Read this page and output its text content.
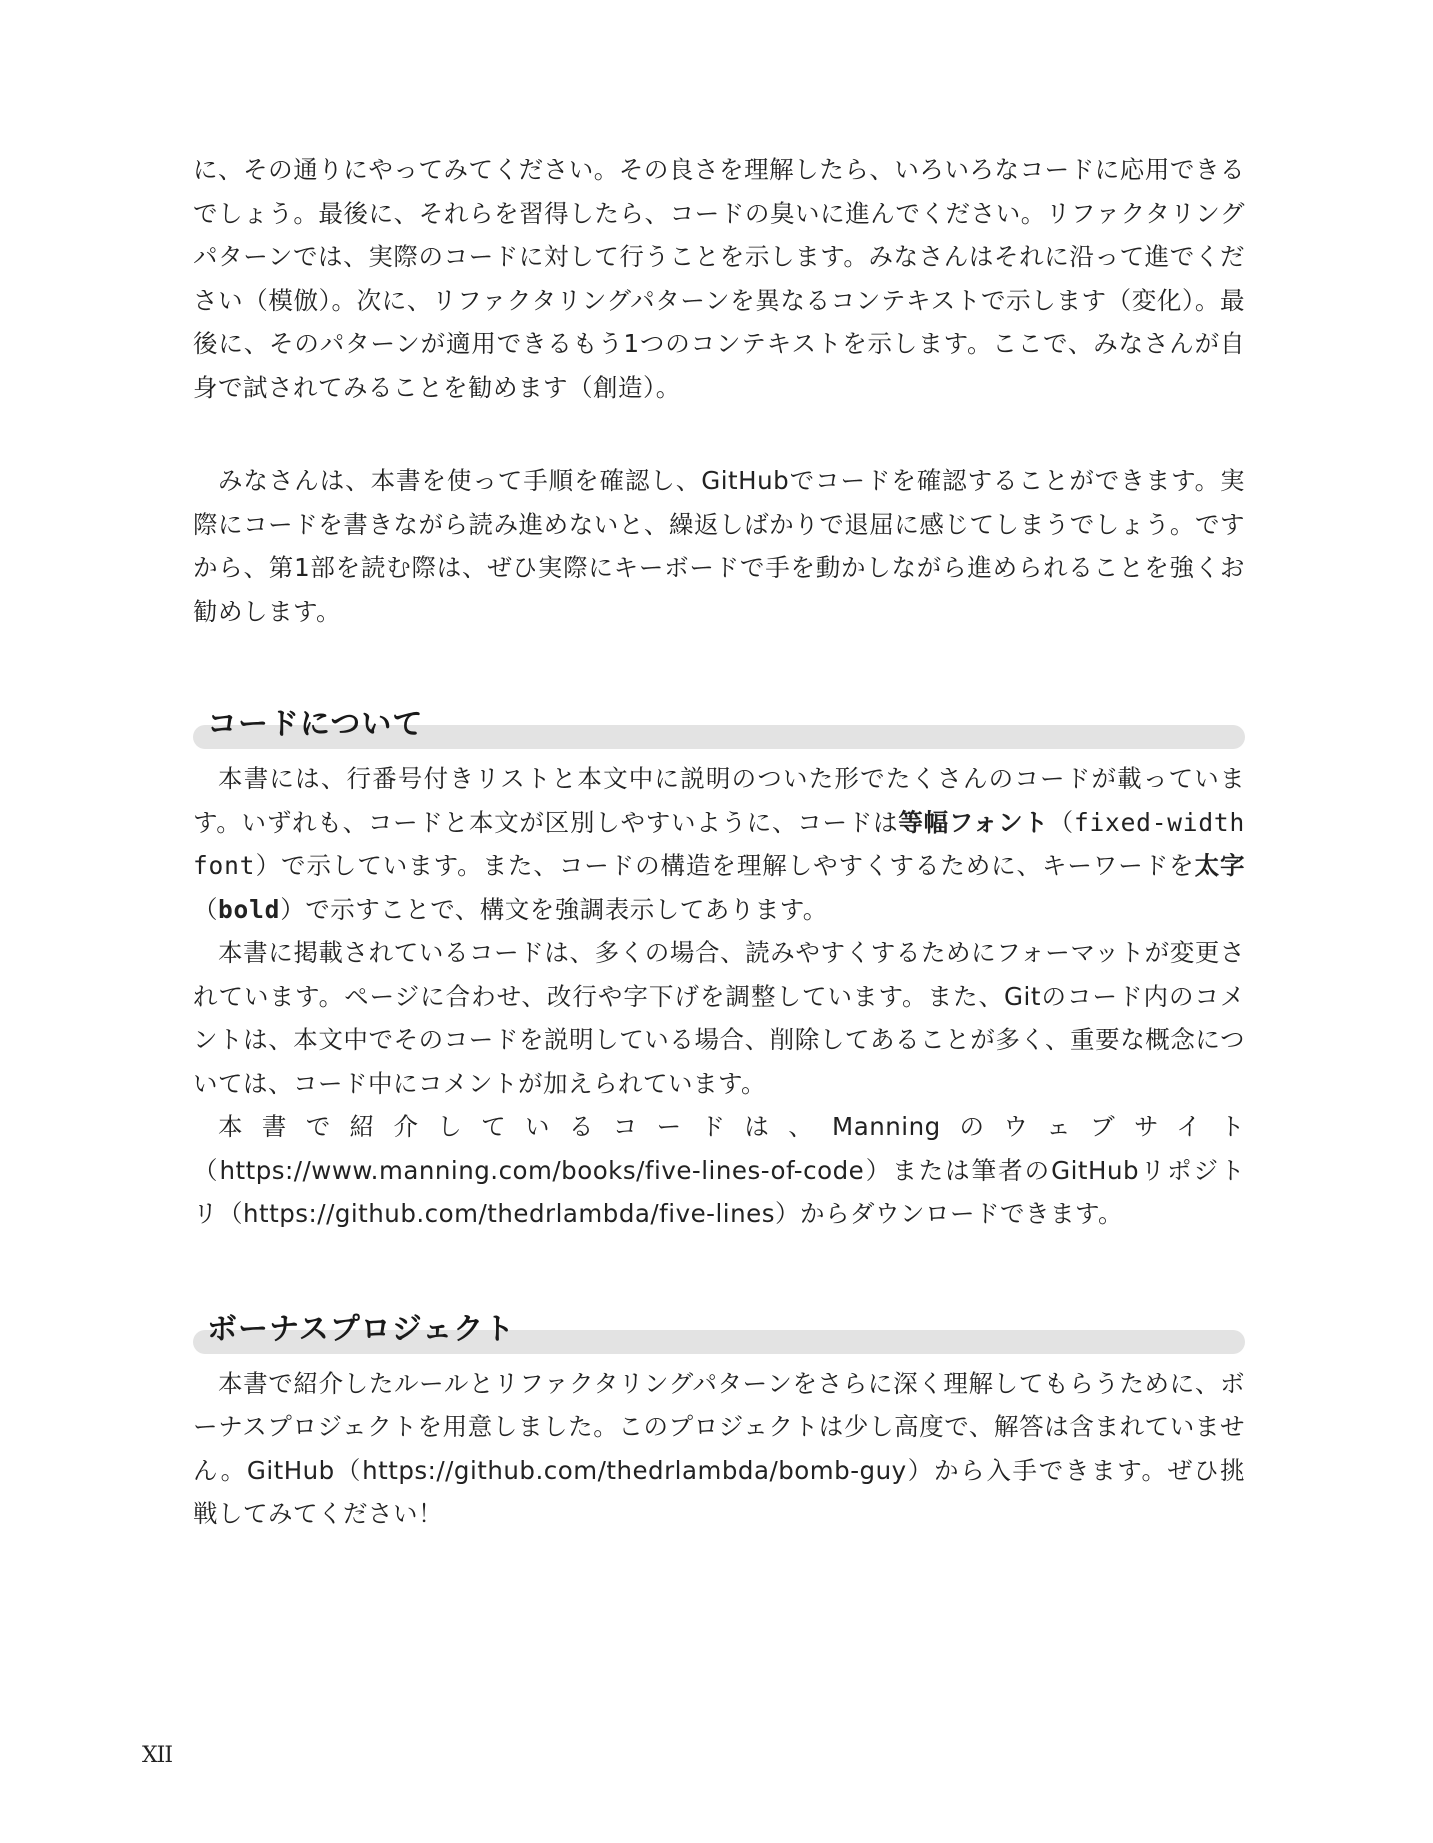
に、その通りにやってみてください。その良さを理解したら、いろいろなコードに応用できるでしょう。最後に、それらを習得したら、コードの臭いに進んでください。リファクタリングパターンでは、実際のコードに対して行うことを示します。みなさんはそれに沿って進でください（模倣）。次に、リファクタリングパターンを異なるコンテキストで示します（変化）。最後に、そのパターンが適用できるもう1つのコンテキストを示します。ここで、みなさんが自身で試されてみることを勧めます（創造）。

みなさんは、本書を使って手順を確認し、GitHubでコードを確認することができます。実際にコードを書きながら読み進めないと、繰返しばかりで退屈に感じてしまうでしょう。ですから、第1部を読む際は、ぜひ実際にキーボードで手を動かしながら進められることを強くお勧めします。

コードについて

本書には、行番号付きリストと本文中に説明のついた形でたくさんのコードが載っています。いずれも、コードと本文が区別しやすいように、コードは等幅フォント（fixed-width font）で示しています。また、コードの構造を理解しやすくするために、キーワードを太字（bold）で示すことで、構文を強調表示してあります。

本書に掲載されているコードは、多くの場合、読みやすくするためにフォーマットが変更されています。ページに合わせ、改行や字下げを調整しています。また、Gitのコード内のコメントは、本文中でそのコードを説明している場合、削除してあることが多く、重要な概念については、コード中にコメントが加えられています。

本書で紹介しているコードは、Manningのウェブサイト（https://www.manning.com/books/five-lines-of-code）または筆者のGitHubリポジトリ（https://github.com/thedrlambda/five-lines）からダウンロードできます。

ボーナスプロジェクト

本書で紹介したルールとリファクタリングパターンをさらに深く理解してもらうために、ボーナスプロジェクトを用意しました。このプロジェクトは少し高度で、解答は含まれていません。GitHub（https://github.com/thedrlambda/bomb-guy）から入手できます。ぜひ挑戦してみてください！

XII
